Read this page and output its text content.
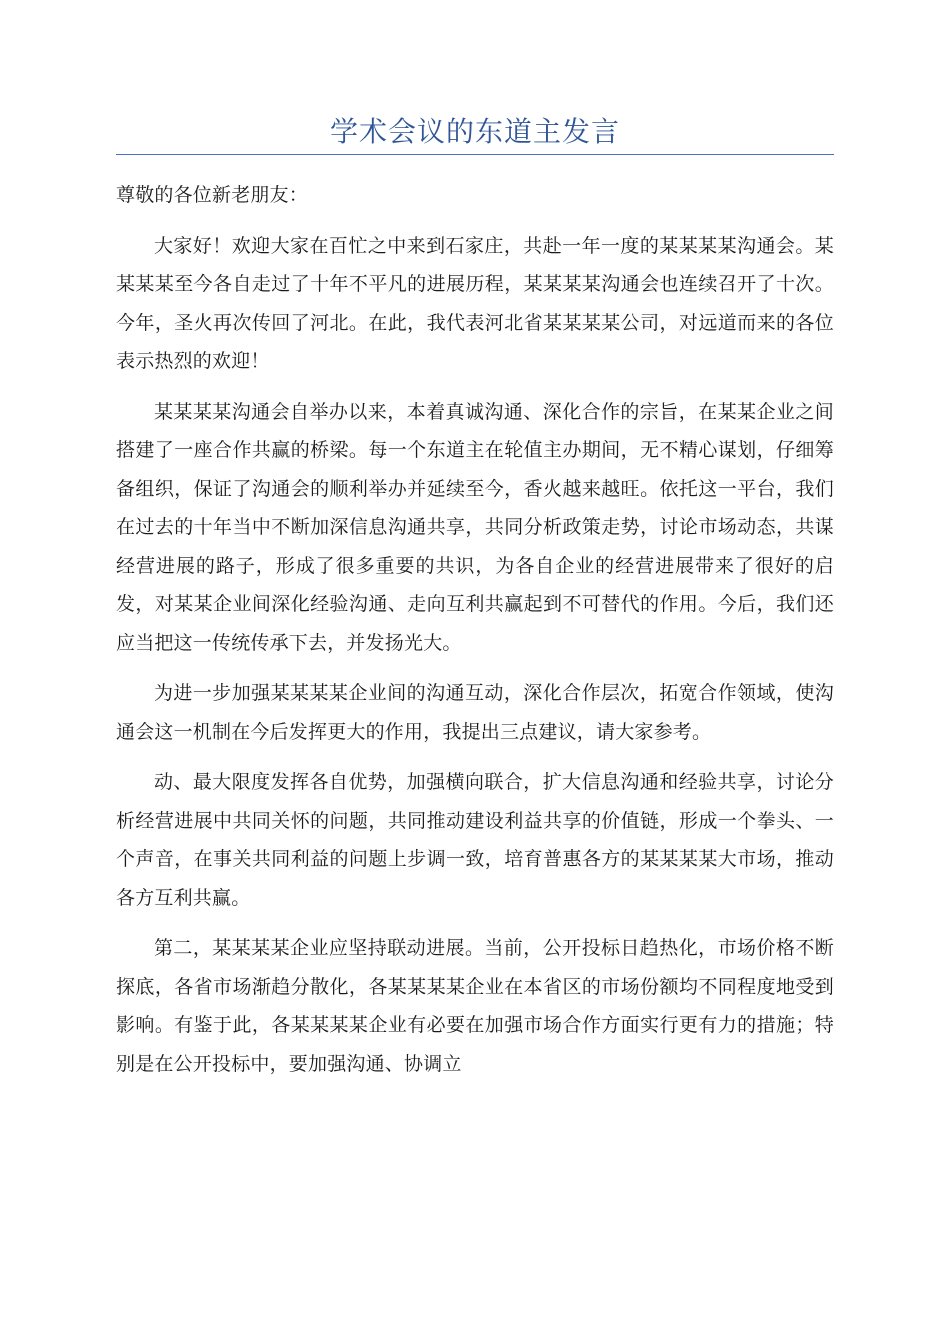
学术会议的东道主发言

尊敬的各位新老朋友：

大家好！欢迎大家在百忙之中来到石家庄，共赴一年一度的某某某某沟通会。某某某某至今各自走过了十年不平凡的进展历程，某某某某沟通会也连续召开了十次。今年，圣火再次传回了河北。在此，我代表河北省某某某某公司，对远道而来的各位表示热烈的欢迎！

某某某某沟通会自举办以来，本着真诚沟通、深化合作的宗旨，在某某企业之间搭建了一座合作共赢的桥梁。每一个东道主在轮值主办期间，无不精心谋划，仔细筹备组织，保证了沟通会的顺利举办并延续至今，香火越来越旺。依托这一平台，我们在过去的十年当中不断加深信息沟通共享，共同分析政策走势，讨论市场动态，共谋经营进展的路子，形成了很多重要的共识，为各自企业的经营进展带来了很好的启发，对某某企业间深化经验沟通、走向互利共赢起到不可替代的作用。今后，我们还应当把这一传统传承下去，并发扬光大。

为进一步加强某某某某企业间的沟通互动，深化合作层次，拓宽合作领域，使沟通会这一机制在今后发挥更大的作用，我提出三点建议，请大家参考。

动、最大限度发挥各自优势，加强横向联合，扩大信息沟通和经验共享，讨论分析经营进展中共同关怀的问题，共同推动建设利益共享的价值链，形成一个拳头、一个声音，在事关共同利益的问题上步调一致，培育普惠各方的某某某某大市场，推动各方互利共赢。

第二，某某某某企业应坚持联动进展。当前，公开投标日趋热化，市场价格不断探底，各省市场渐趋分散化，各某某某某企业在本省区的市场份额均不同程度地受到影响。有鉴于此，各某某某某企业有必要在加强市场合作方面实行更有力的措施；特别是在公开投标中，要加强沟通、协调立
